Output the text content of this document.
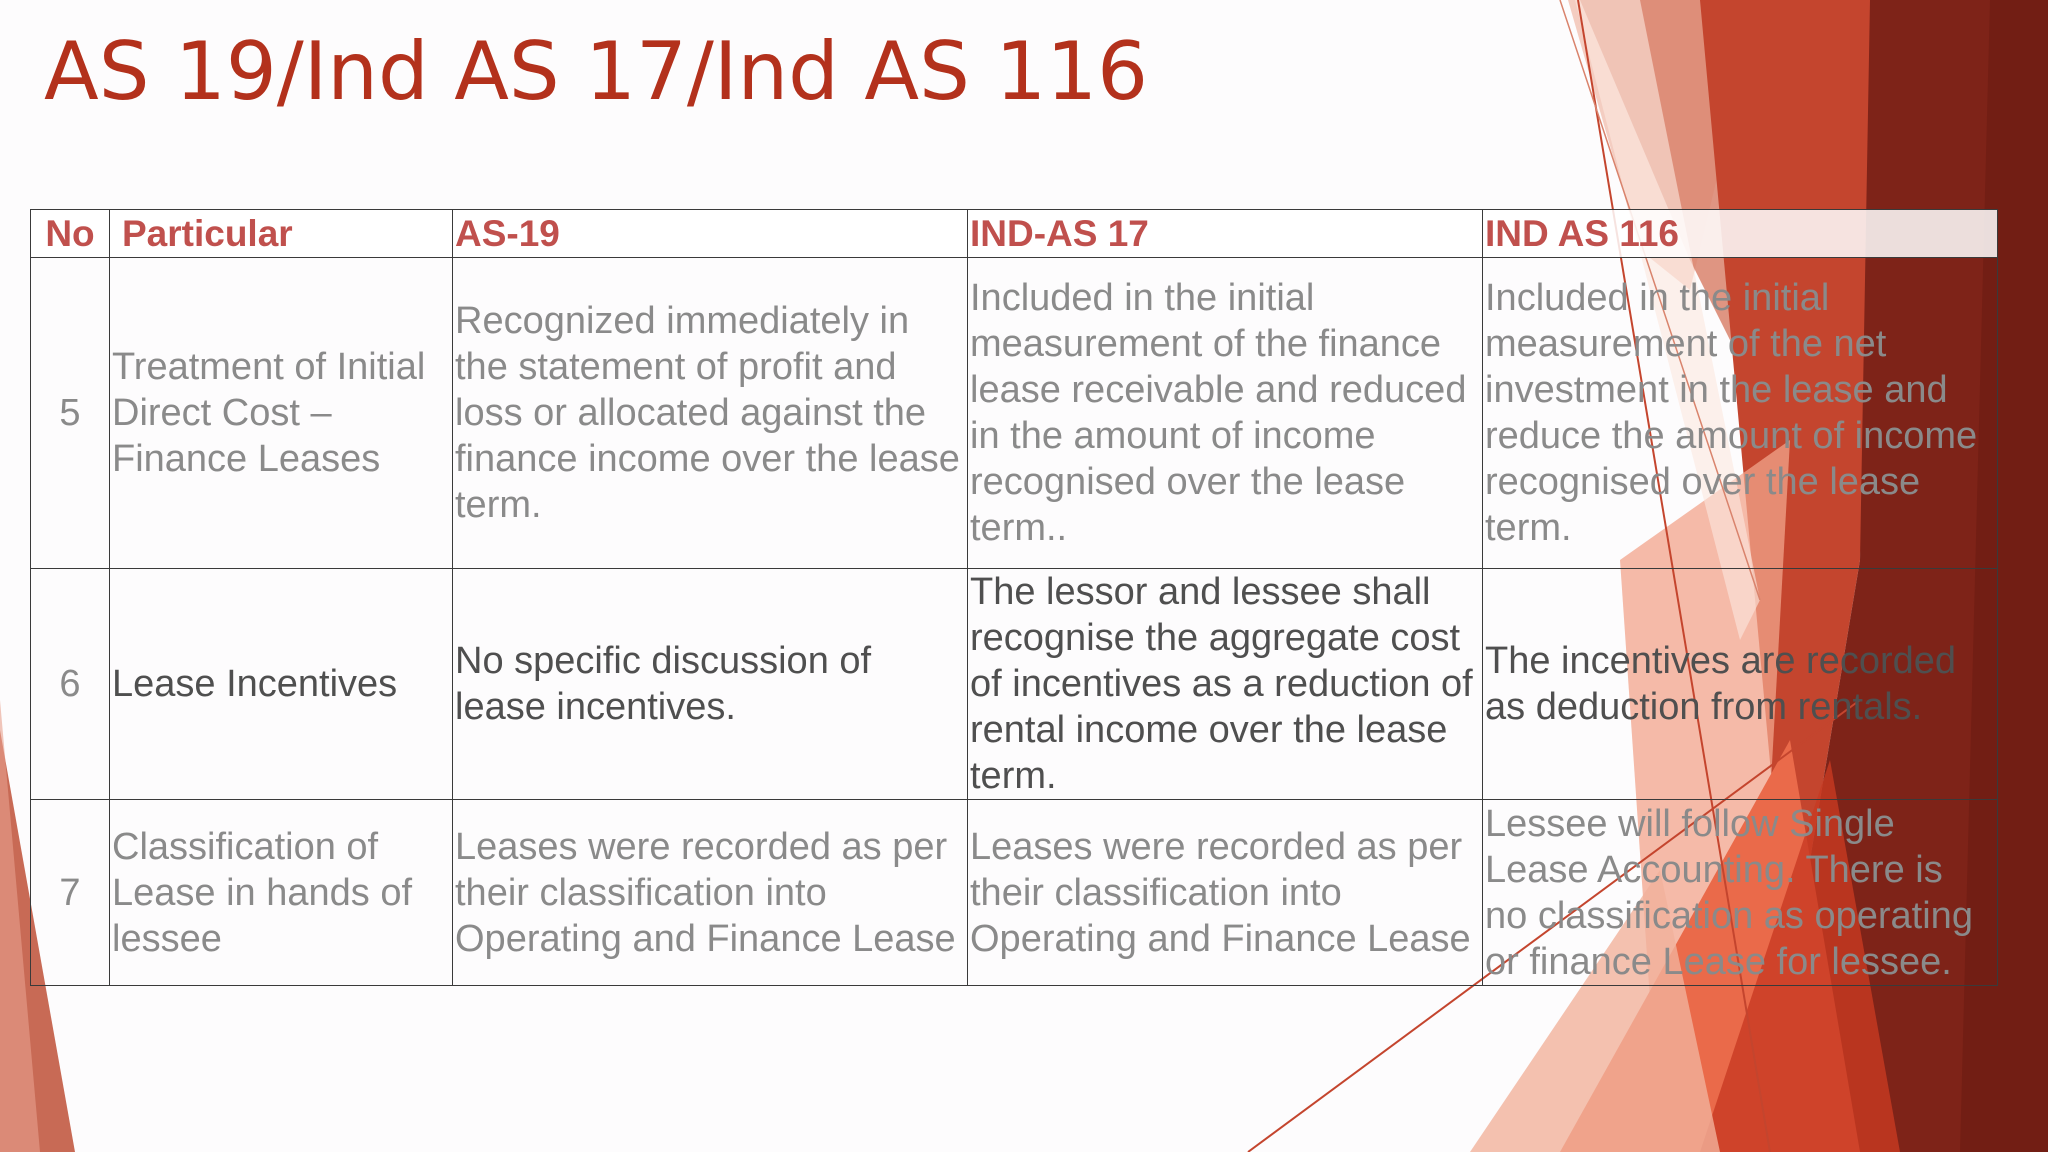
AS 19/Ind AS 17/Ind AS 116
No	Particular	AS-19	IND-AS 17	IND AS 116
5	Treatment of Initial Direct Cost – Finance Leases	Recognized immediately in the statement of profit and loss or allocated against the finance income over the lease term.	Included in the initial measurement of the finance lease receivable and reduced in the amount of income recognised over the lease term..	Included in the initial measurement of the net investment in the lease and reduce the amount of income recognised over the lease term.
6	Lease Incentives	No specific discussion of lease incentives.	The lessor and lessee shall recognise the aggregate cost of incentives as a reduction of rental income over the lease term.	The incentives are recorded as deduction from rentals.
7	Classification of Lease in hands of lessee	Leases were recorded as per their classification into Operating and Finance Lease	Leases were recorded as per their classification into Operating and Finance Lease	Lessee will follow Single Lease Accounting. There is no classification as operating or finance Lease for lessee.
